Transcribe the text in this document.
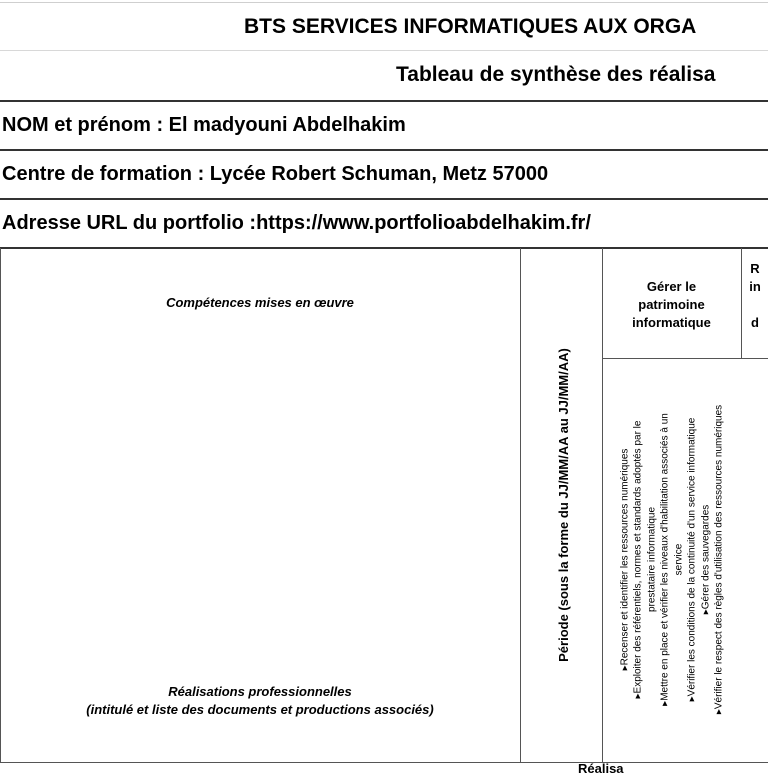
BTS SERVICES INFORMATIQUES AUX ORGA
Tableau de synthèse des réalisa
NOM et prénom : El madyouni Abdelhakim
Centre de formation : Lycée Robert Schuman, Metz 57000
Adresse URL du portfolio :https://www.portfolioabdelhakim.fr/
Compétences mises en œuvre
Réalisations professionnelles
(intitulé et liste des documents et productions associés)
Période (sous la forme du JJ/MM/AA au JJ/MM/AA)
Gérer le
patrimoine
informatique
R
in
d
▸Recenser et identifier les ressources numériques ▸Exploiter des référentiels, normes et standards adoptés par le prestataire informatique ▸Mettre en place et vérifier les niveaux d'habilitation associés à un service ▸Vérifier les conditions de la continuité d'un service informatique ▸Gérer des sauvegardes ▸Vérifier le respect des règles d'utilisation des ressources numériques
Réalisa
